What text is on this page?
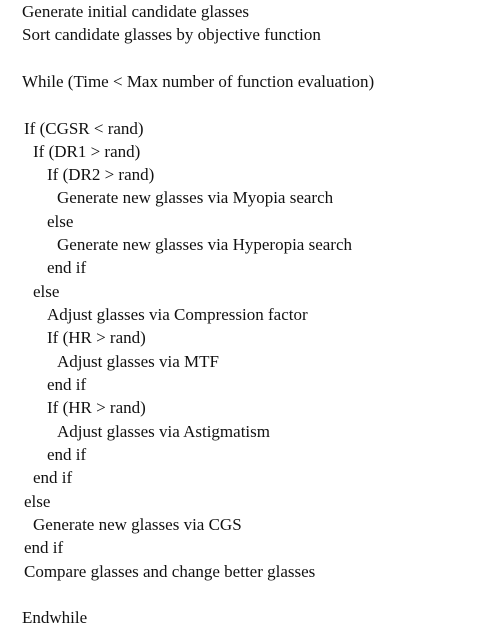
Generate initial candidate glasses
Sort candidate glasses by objective function
While (Time < Max number of function evaluation)
If (CGSR < rand)
If (DR1 > rand)
If (DR2 > rand)
Generate new glasses via Myopia search
else
Generate new glasses via Hyperopia search
end if
else
Adjust glasses via Compression factor
If (HR > rand)
Adjust glasses via MTF
end if
If (HR > rand)
Adjust glasses via Astigmatism
end if
end if
else
Generate new glasses via CGS
end if
Compare glasses and change better glasses
Endwhile
